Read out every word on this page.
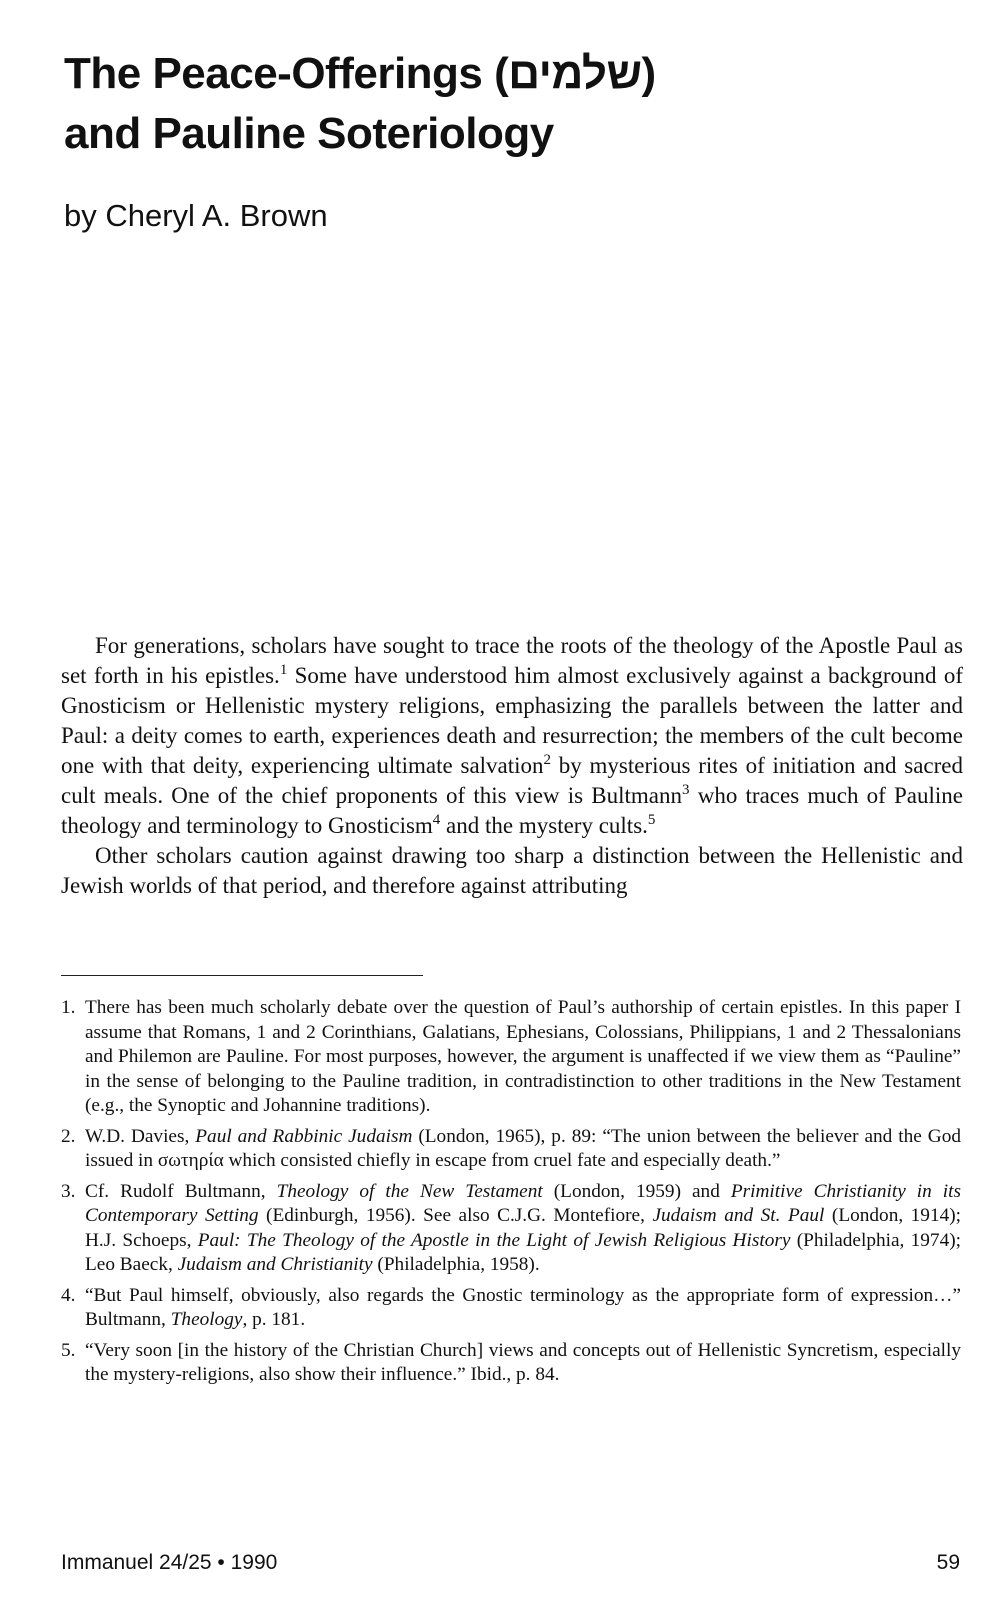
The Peace-Offerings (שלמים)
and Pauline Soteriology

by Cheryl A. Brown

For generations, scholars have sought to trace the roots of the theology of the Apostle Paul as set forth in his epistles.$^1$ Some have understood him almost exclusively against a background of Gnosticism or Hellenistic mystery religions, emphasizing the parallels between the latter and Paul: a deity comes to earth, experiences death and resurrection; the members of the cult become one with that deity, experiencing ultimate salvation$^2$ by mysterious rites of initiation and sacred cult meals. One of the chief proponents of this view is Bultmann$^3$ who traces much of Pauline theology and terminology to Gnosticism$^4$ and the mystery cults.$^5$

Other scholars caution against drawing too sharp a distinction between the Hellenistic and Jewish worlds of that period, and therefore against attributing

1. There has been much scholarly debate over the question of Paul’s authorship of certain epistles. In this paper I assume that Romans, 1 and 2 Corinthians, Galatians, Ephesians, Colossians, Philippians, 1 and 2 Thessalonians and Philemon are Pauline. For most purposes, however, the argument is unaffected if we view them as “Pauline” in the sense of belonging to the Pauline tradition, in contradistinction to other traditions in the New Testament (e.g., the Synoptic and Johannine traditions).
2. W.D. Davies, Paul and Rabbinic Judaism (London, 1965), p. 89: “The union between the believer and the God issued in σωτηρία which consisted chiefly in escape from cruel fate and especially death.”
3. Cf. Rudolf Bultmann, Theology of the New Testament (London, 1959) and Primitive Christianity in its Contemporary Setting (Edinburgh, 1956). See also C.J.G. Montefiore, Judaism and St. Paul (London, 1914); H.J. Schoeps, Paul: The Theology of the Apostle in the Light of Jewish Religious History (Philadelphia, 1974); Leo Baeck, Judaism and Christianity (Philadelphia, 1958).
4. “But Paul himself, obviously, also regards the Gnostic terminology as the appropriate form of expression…” Bultmann, Theology, p. 181.
5. “Very soon [in the history of the Christian Church] views and concepts out of Hellenistic Syncretism, especially the mystery-religions, also show their influence.” Ibid., p. 84.
Immanuel 24/25 • 1990	59
